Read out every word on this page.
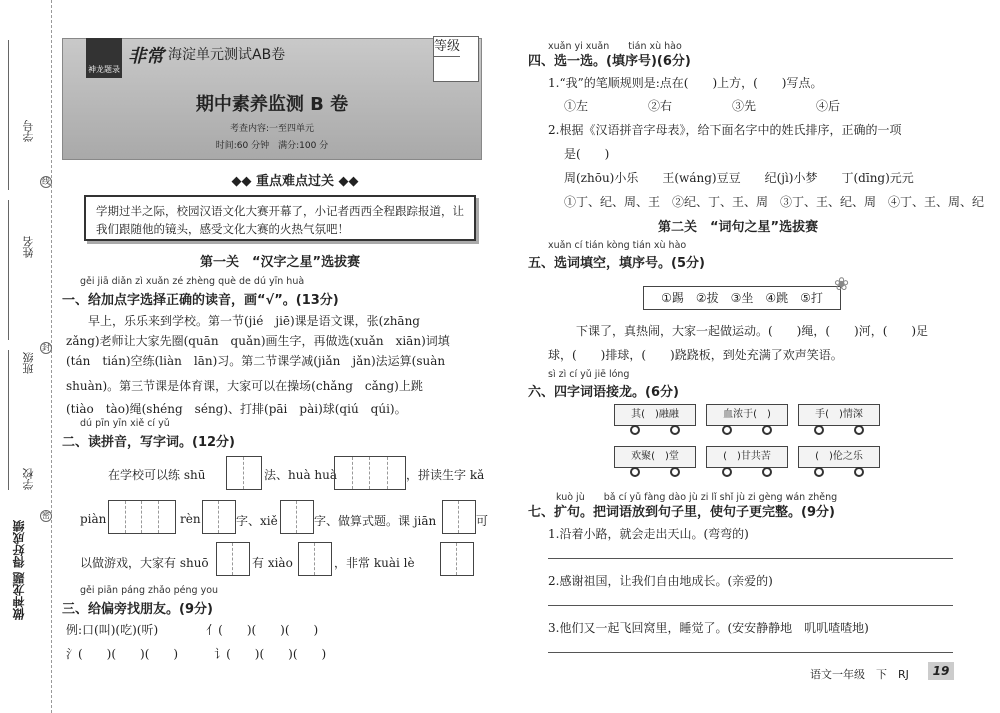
学号
姓名
班级
学校
线
封
密
做神龙题 得好成绩
神龙题录
非常 海淀单元测试AB卷
等级
期中素养监测 B 卷
考查内容:一至四单元
时间:60 分钟　 满分:100 分
◆◆ 重点难点过关 ◆◆
学期过半之际，校园汉语文化大赛开幕了，小记者西西全程跟踪报道，让我们跟随他的镜头，感受文化大赛的火热气氛吧！
第一关　“汉字之星”选拔赛
gěi jiā diǎn zì xuǎn zé zhèng què de dú yīn huà
一、给加点字选择正确的读音，画“√”。(13分)
早上，乐乐来到学校。第一节(jié　jiē)课是语文课，张(zhāng
zǎng)老师让大家先圈(quān　quǎn)画生字，再做选(xuǎn　xiān)词填
(tán　tián)空练(liàn　lān)习。第二节课学减(jiǎn　jǎn)法运算(suàn
shuàn)。第三节课是体育课，大家可以在操场(chǎng　cǎng)上跳
(tiào　tào)绳(shéng　séng)、打排(pāi　pài)球(qiú　qúi)。
dú pīn yīn xiě cí yǔ
二、读拼音，写字词。(12分)
在学校可以练 shū	法、huà huà	，拼读生字 kǎ
piàn	rèn	字、xiě	字、做算式题。课 jiān	可
以做游戏，大家有 shuō	有 xiào	，非常 kuài lè
gěi piān páng zhǎo péng you
三、给偏旁找朋友。(9分)
例:口(叫)(吃)(听)　　　　亻(　　)(　　)(　　)
氵(　　)(　　)(　　)　　　讠(　　)(　　)(　　)
xuǎn yi xuǎn　　tián xù hào
四、选一选。(填序号)(6分)
1.“我”的笔顺规则是:点在(　　)上方，(　　)写点。
①左　　　　　②右　　　　　③先　　　　　④后
2.根据《汉语拼音字母表》，给下面名字中的姓氏排序，正确的一项
是(　　)
周(zhōu)小乐　　王(wáng)豆豆　　纪(jì)小梦　　丁(dīng)元元
①丁、纪、周、王　②纪、丁、王、周　③丁、王、纪、周　④丁、王、周、纪
第二关　“词句之星”选拔赛
xuǎn cí tián kòng tián xù hào
五、选词填空，填序号。(5分)
①踢　②拔　③坐　④跳　⑤打
❀
下课了，真热闹，大家一起做运动。(　　)绳，(　　)河，(　　)足
球，(　　)排球，(　　)跷跷板，到处充满了欢声笑语。
sì zì cí yǔ jiē lóng
六、四字词语接龙。(6分)
其(　)融融	血浓于(　)	手(　)情深
欢聚(　)堂	(　)甘共苦	(　)伦之乐
kuò jù　　bǎ cí yǔ fàng dào jù zi lǐ shǐ jù zi gèng wán zhěng
七、扩句。把词语放到句子里，使句子更完整。(9分)
1.沿着小路，就会走出天山。(弯弯的)
2.感谢祖国，让我们自由地成长。(亲爱的)
3.他们又一起飞回窝里，睡觉了。(安安静静地　叽叽喳喳地)
语文一年级　下　RJ	19
